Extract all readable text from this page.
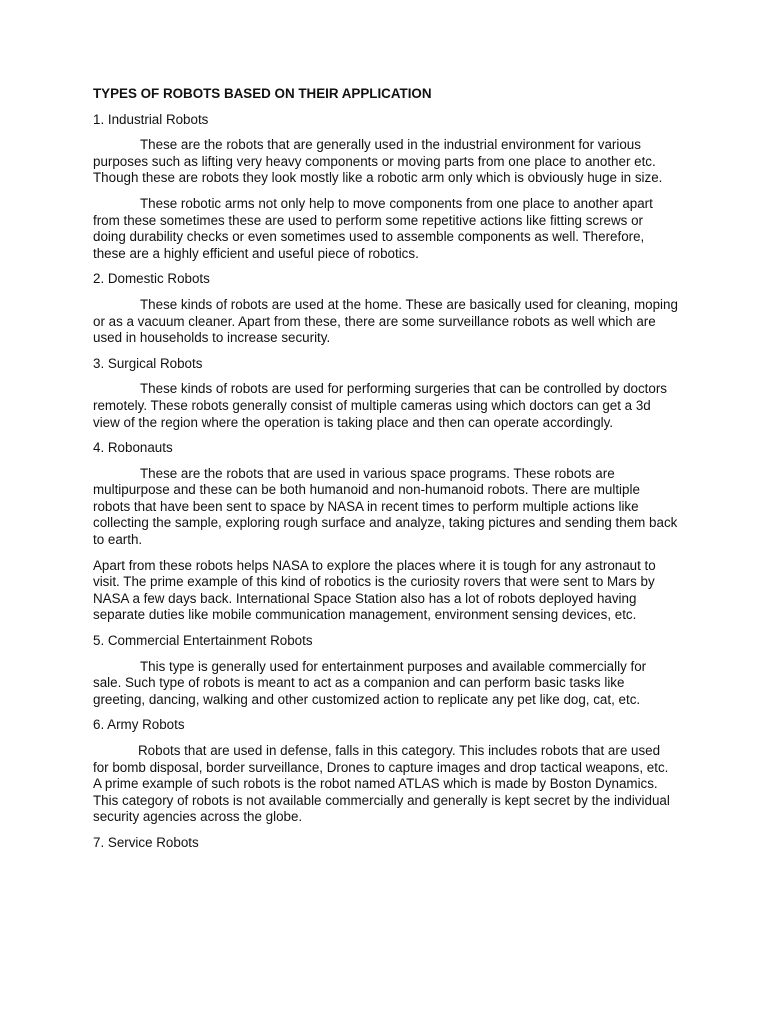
TYPES OF ROBOTS BASED ON THEIR APPLICATION
1. Industrial Robots

These are the robots that are generally used in the industrial environment for various purposes such as lifting very heavy components or moving parts from one place to another etc. Though these are robots they look mostly like a robotic arm only which is obviously huge in size.

These robotic arms not only help to move components from one place to another apart from these sometimes these are used to perform some repetitive actions like fitting screws or doing durability checks or even sometimes used to assemble components as well. Therefore, these are a highly efficient and useful piece of robotics.

2. Domestic Robots

These kinds of robots are used at the home. These are basically used for cleaning, moping or as a vacuum cleaner. Apart from these, there are some surveillance robots as well which are used in households to increase security.

3. Surgical Robots

These kinds of robots are used for performing surgeries that can be controlled by doctors remotely. These robots generally consist of multiple cameras using which doctors can get a 3d view of the region where the operation is taking place and then can operate accordingly.

4. Robonauts

These are the robots that are used in various space programs. These robots are multipurpose and these can be both humanoid and non-humanoid robots. There are multiple robots that have been sent to space by NASA in recent times to perform multiple actions like collecting the sample, exploring rough surface and analyze, taking pictures and sending them back to earth.

Apart from these robots helps NASA to explore the places where it is tough for any astronaut to visit. The prime example of this kind of robotics is the curiosity rovers that were sent to Mars by NASA a few days back. International Space Station also has a lot of robots deployed having separate duties like mobile communication management, environment sensing devices, etc.

5. Commercial Entertainment Robots

This type is generally used for entertainment purposes and available commercially for sale. Such type of robots is meant to act as a companion and can perform basic tasks like greeting, dancing, walking and other customized action to replicate any pet like dog, cat, etc.

6. Army Robots

Robots that are used in defense, falls in this category. This includes robots that are used for bomb disposal, border surveillance, Drones to capture images and drop tactical weapons, etc. A prime example of such robots is the robot named ATLAS which is made by Boston Dynamics. This category of robots is not available commercially and generally is kept secret by the individual security agencies across the globe.

7. Service Robots
